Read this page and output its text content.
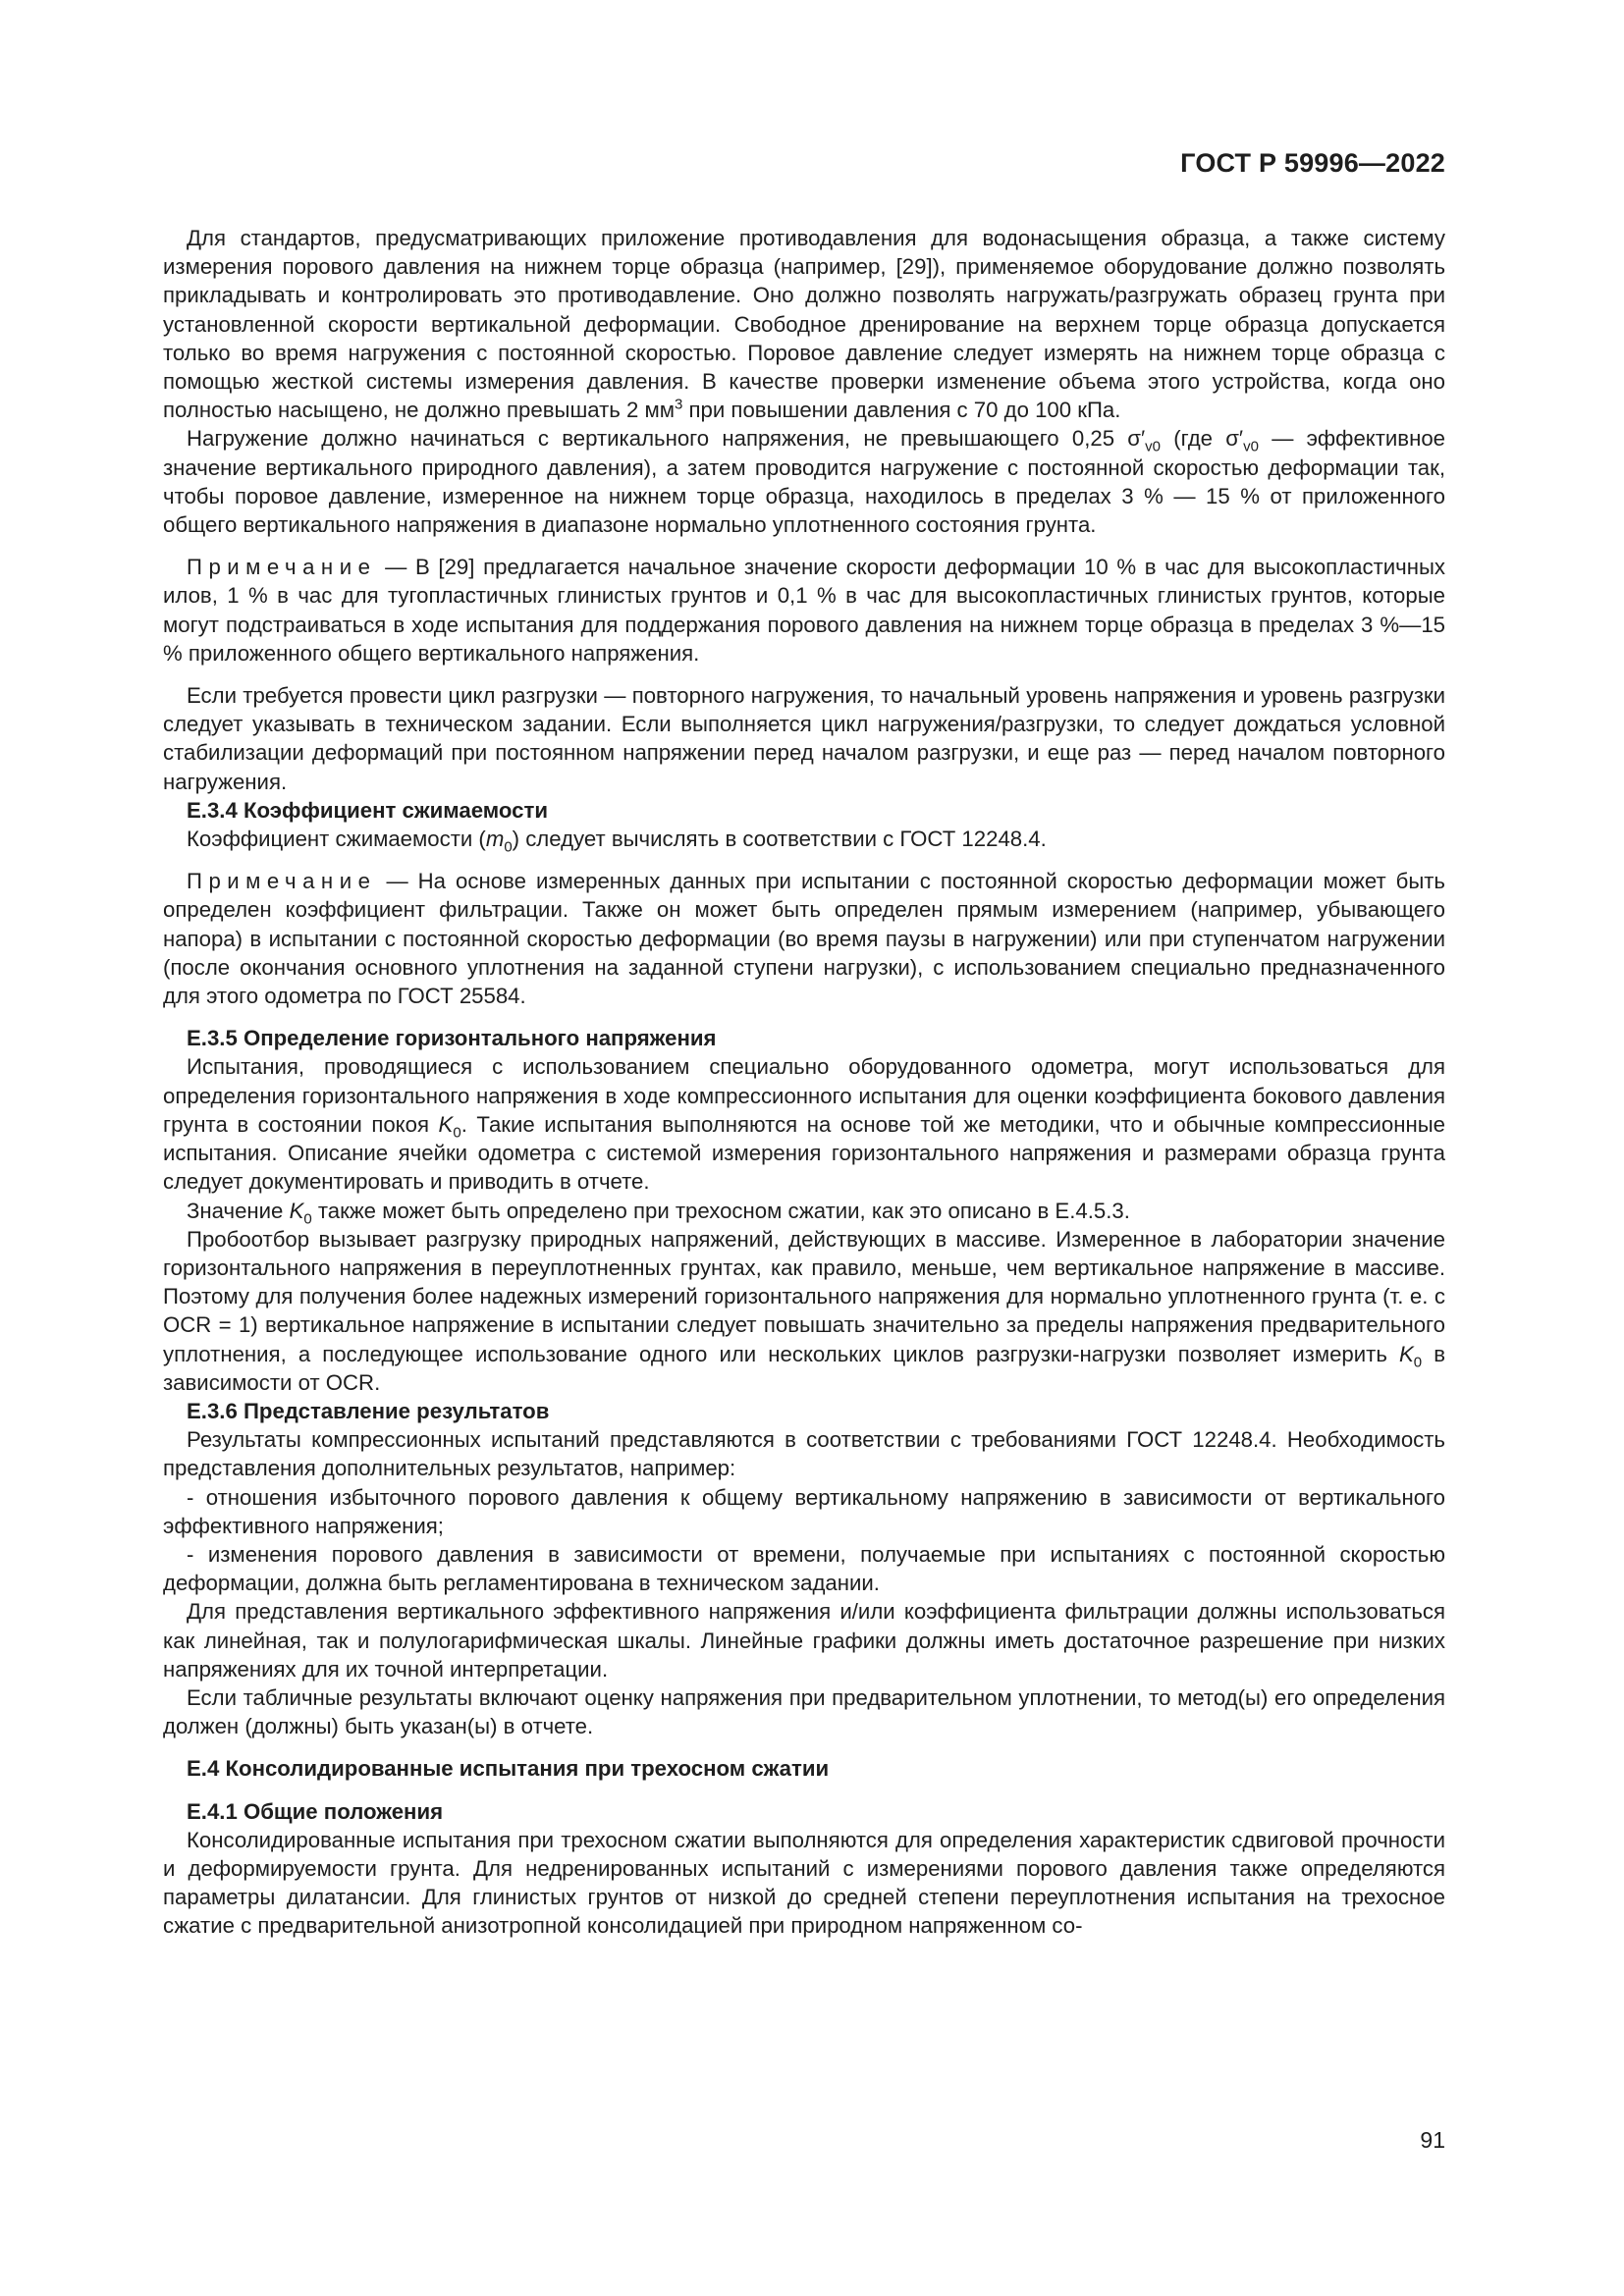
ГОСТ Р 59996—2022

Для стандартов, предусматривающих приложение противодавления для водонасыщения образца, а также систему измерения порового давления на нижнем торце образца (например, [29]), применяемое оборудование должно позволять прикладывать и контролировать это противодавление. Оно должно позволять нагружать/разгружать образец грунта при установленной скорости вертикальной деформации. Свободное дренирование на верхнем торце образца допускается только во время нагружения с постоянной скоростью. Поровое давление следует измерять на нижнем торце образца с помощью жесткой системы измерения давления. В качестве проверки изменение объема этого устройства, когда оно полностью насыщено, не должно превышать 2 $мм^3$ при повышении давления с 70 до 100 кПа.

Нагружение должно начинаться с вертикального напряжения, не превышающего 0,25 $\sigma'_{v0}$ (где $\sigma'_{v0}$ — эффективное значение вертикального природного давления), а затем проводится нагружение с постоянной скоростью деформации так, чтобы поровое давление, измеренное на нижнем торце образца, находилось в пределах 3 % — 15 % от приложенного общего вертикального напряжения в диапазоне нормально уплотненного состояния грунта.

Примечание — В [29] предлагается начальное значение скорости деформации 10 % в час для высокопластичных илов, 1 % в час для тугопластичных глинистых грунтов и 0,1 % в час для высокопластичных глинистых грунтов, которые могут подстраиваться в ходе испытания для поддержания порового давления на нижнем торце образца в пределах 3 %—15 % приложенного общего вертикального напряжения.

Если требуется провести цикл разгрузки — повторного нагружения, то начальный уровень напряжения и уровень разгрузки следует указывать в техническом задании. Если выполняется цикл нагружения/разгрузки, то следует дождаться условной стабилизации деформаций при постоянном напряжении перед началом разгрузки, и еще раз — перед началом повторного нагружения.

Е.3.4 Коэффициент сжимаемости

Коэффициент сжимаемости $(m_0)$ следует вычислять в соответствии с ГОСТ 12248.4.

Примечание — На основе измеренных данных при испытании с постоянной скоростью деформации может быть определен коэффициент фильтрации. Также он может быть определен прямым измерением (например, убывающего напора) в испытании с постоянной скоростью деформации (во время паузы в нагружении) или при ступенчатом нагружении (после окончания основного уплотнения на заданной ступени нагрузки), с использованием специально предназначенного для этого одометра по ГОСТ 25584.

Е.3.5 Определение горизонтального напряжения

Испытания, проводящиеся с использованием специально оборудованного одометра, могут использоваться для определения горизонтального напряжения в ходе компрессионного испытания для оценки коэффициента бокового давления грунта в состоянии покоя $K_0$. Такие испытания выполняются на основе той же методики, что и обычные компрессионные испытания. Описание ячейки одометра с системой измерения горизонтального напряжения и размерами образца грунта следует документировать и приводить в отчете.

Значение $K_0$ также может быть определено при трехосном сжатии, как это описано в Е.4.5.3.

Пробоотбор вызывает разгрузку природных напряжений, действующих в массиве. Измеренное в лаборатории значение горизонтального напряжения в переуплотненных грунтах, как правило, меньше, чем вертикальное напряжение в массиве. Поэтому для получения более надежных измерений горизонтального напряжения для нормально уплотненного грунта (т. е. с OCR = 1) вертикальное напряжение в испытании следует повышать значительно за пределы напряжения предварительного уплотнения, а последующее использование одного или нескольких циклов разгрузки-нагрузки позволяет измерить $K_0$ в зависимости от OCR.

Е.3.6 Представление результатов

Результаты компрессионных испытаний представляются в соответствии с требованиями ГОСТ 12248.4. Необходимость представления дополнительных результатов, например:

- отношения избыточного порового давления к общему вертикальному напряжению в зависимости от вертикального эффективного напряжения;

- изменения порового давления в зависимости от времени, получаемые при испытаниях с постоянной скоростью деформации, должна быть регламентирована в техническом задании.

Для представления вертикального эффективного напряжения и/или коэффициента фильтрации должны использоваться как линейная, так и полулогарифмическая шкалы. Линейные графики должны иметь достаточное разрешение при низких напряжениях для их точной интерпретации.

Если табличные результаты включают оценку напряжения при предварительном уплотнении, то метод(ы) его определения должен (должны) быть указан(ы) в отчете.

Е.4 Консолидированные испытания при трехосном сжатии
Е.4.1 Общие положения

Консолидированные испытания при трехосном сжатии выполняются для определения характеристик сдвиговой прочности и деформируемости грунта. Для недренированных испытаний с измерениями порового давления также определяются параметры дилатансии. Для глинистых грунтов от низкой до средней степени переуплотнения испытания на трехосное сжатие с предварительной анизотропной консолидацией при природном напряженном со-

91
